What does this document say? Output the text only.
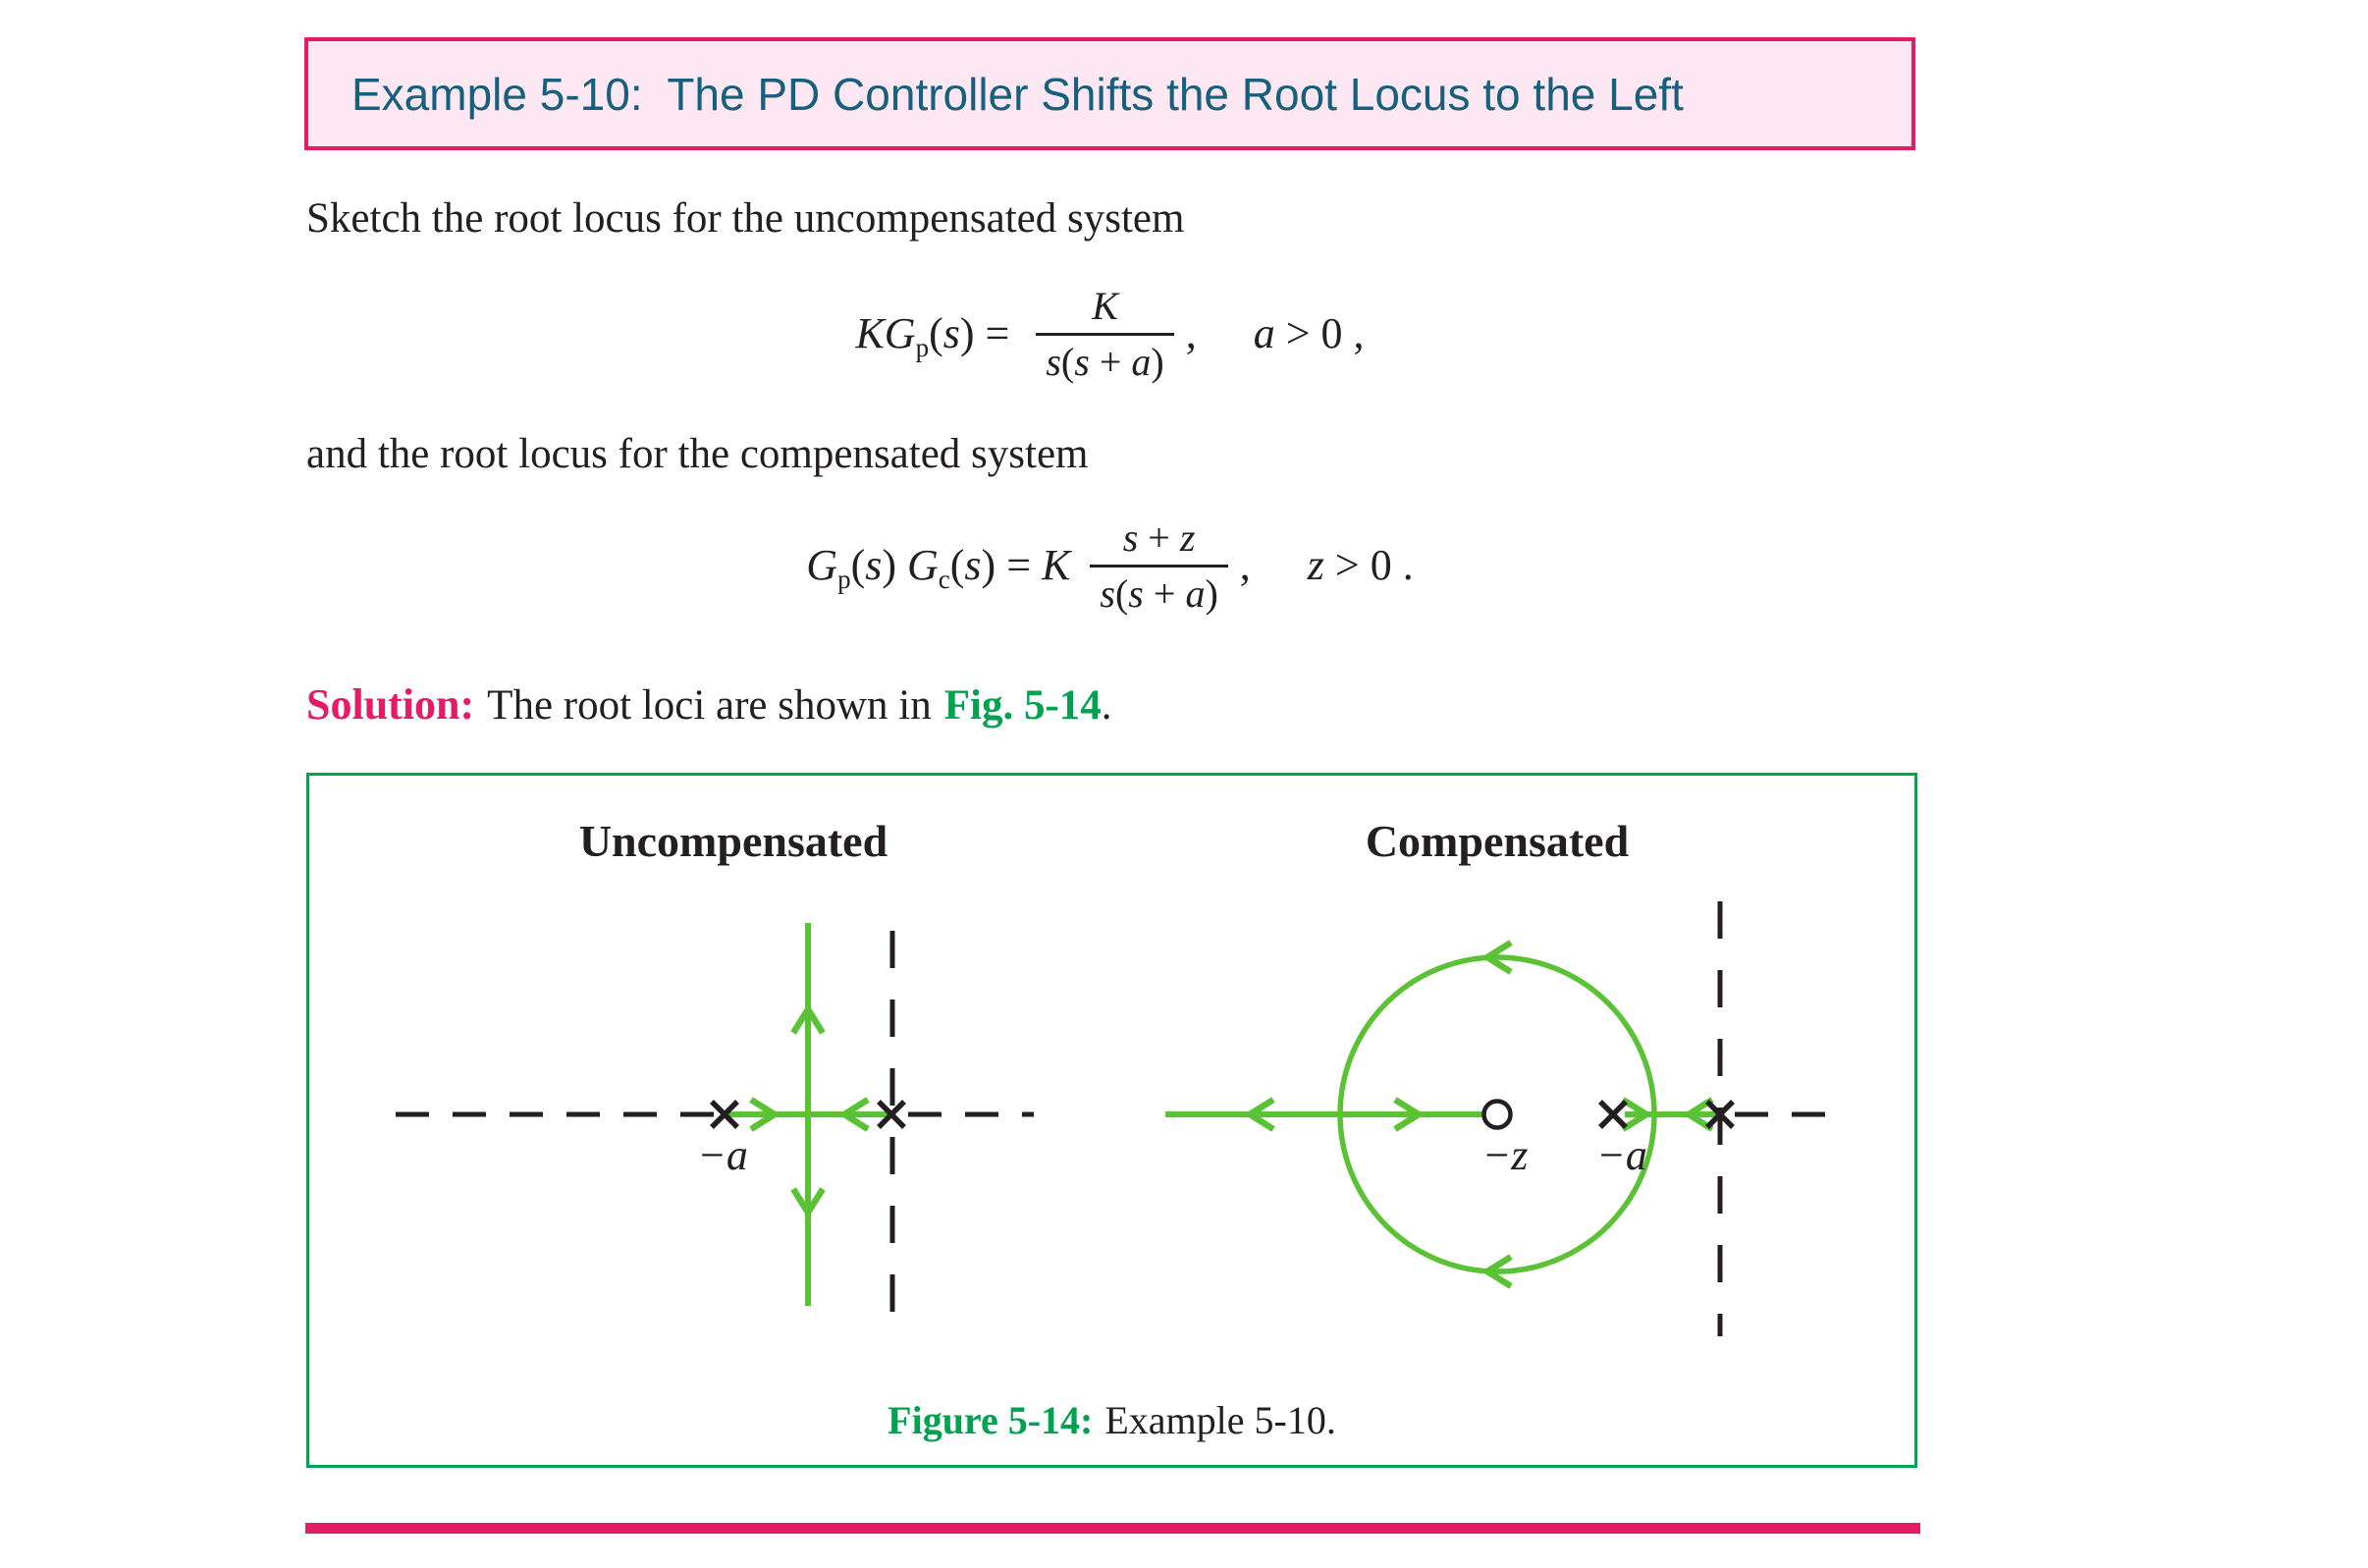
Example 5-10:  The PD Controller Shifts the Root Locus to the Left
Sketch the root locus for the uncompensated system
$KG_p(s) = \frac{K}{s(s + a)}$ , a > 0 ,
and the root locus for the compensated system
$G_p(s) G_c(s) = K \frac{s + z}{s(s + a)}$ , z > 0 .
Solution: The root loci are shown in Fig. 5-14 .
Uncompensated	Compensated
−a	−z −a
Figure 5-14: Example 5-10.
